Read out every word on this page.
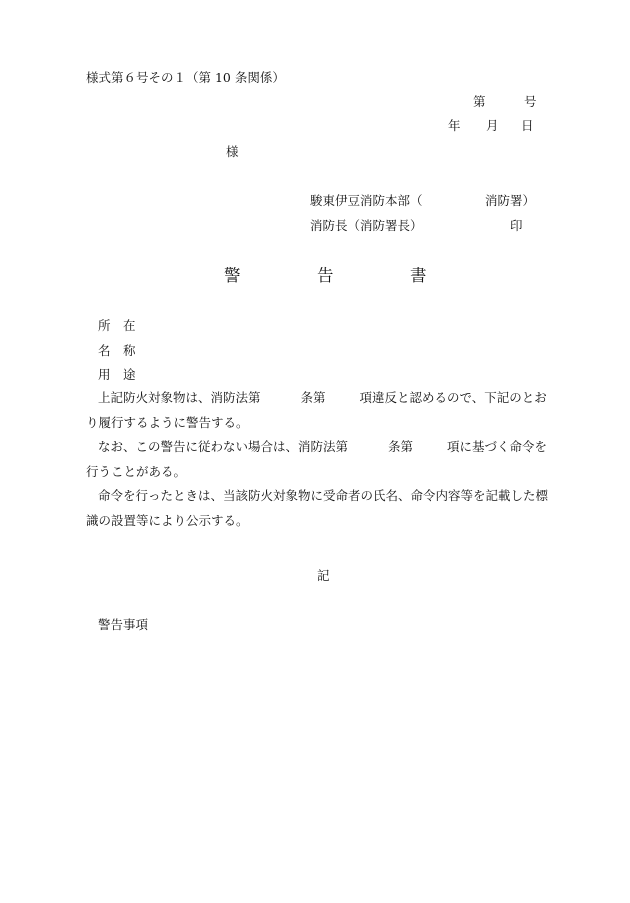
様式第６号その１（第 10 条関係）

第	号

年 月 日

様

駿東伊豆消防本部（	消防署）

消防長（消防署長）	印

警	告	書

所　在

名　称

用　途

上記防火対象物は、消防法第	条第	項違反と認めるので、下記のとお
り履行するように警告する。
なお、この警告に従わない場合は、消防法第	条第	項に基づく命令を
行うことがある。
命令を行ったときは、当該防火対象物に受命者の氏名、命令内容等を記載した標
識の設置等により公示する。

記

警告事項
